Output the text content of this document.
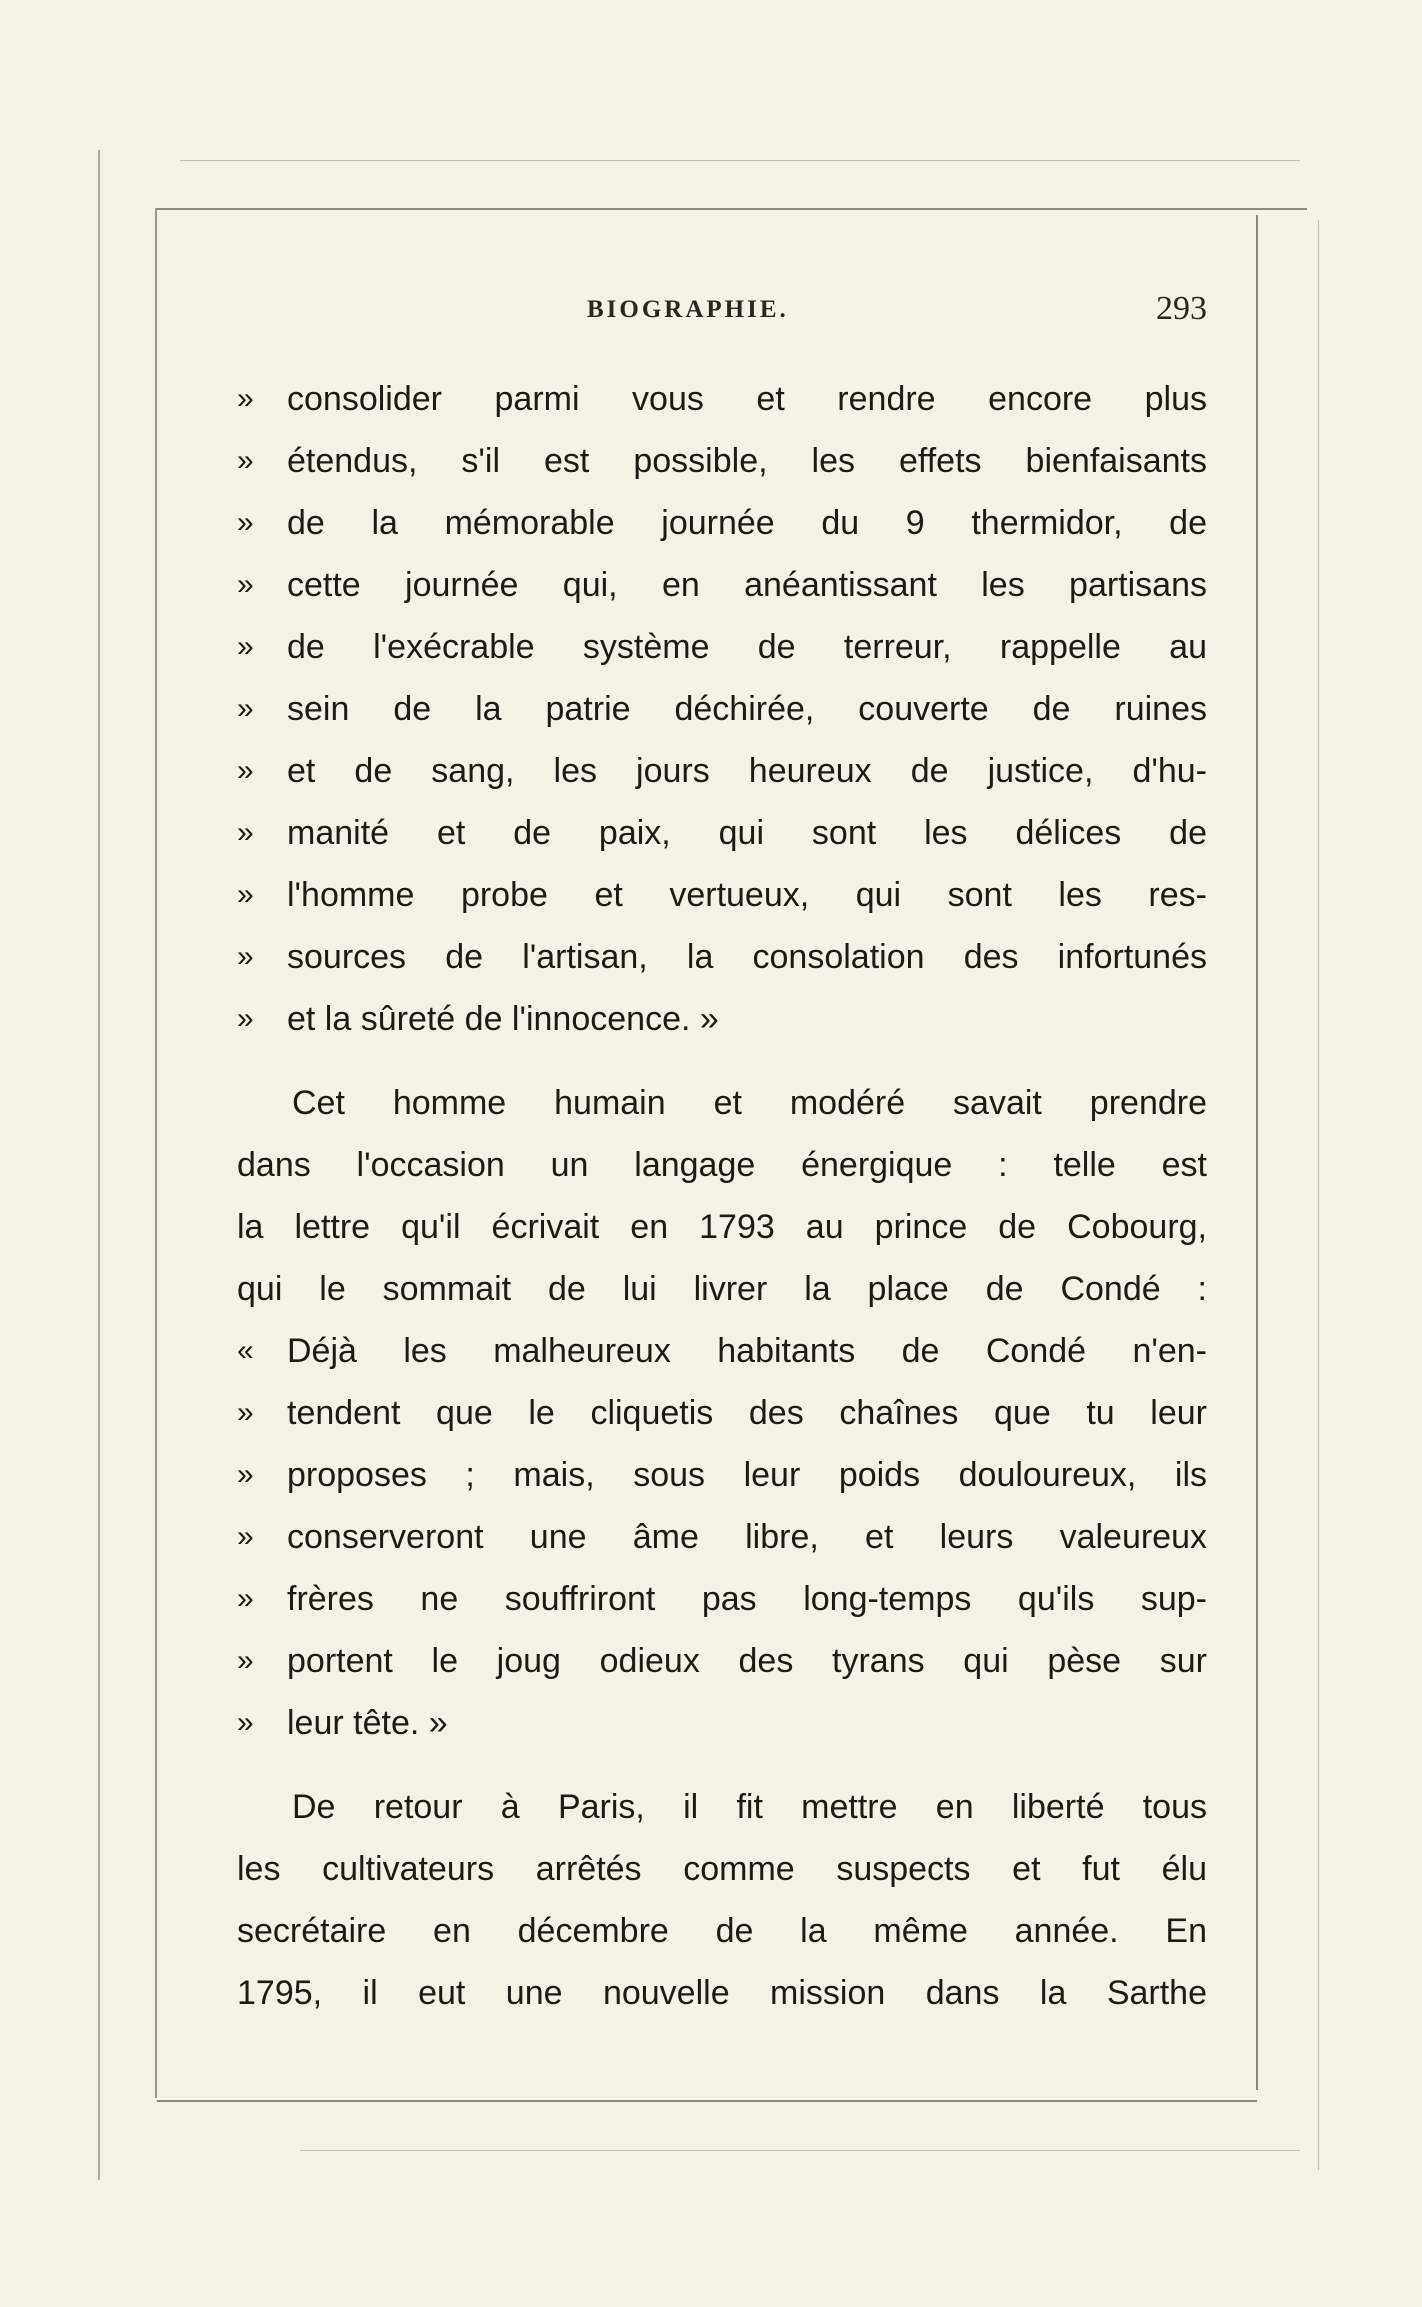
BIOGRAPHIE.	293
» consolider parmi vous et rendre encore plus
» étendus, s'il est possible, les effets bienfaisants
» de la mémorable journée du 9 thermidor, de
» cette journée qui, en anéantissant les partisans
» de l'exécrable système de terreur, rappelle au
» sein de la patrie déchirée, couverte de ruines
» et de sang, les jours heureux de justice, d'hu-
» manité et de paix, qui sont les délices de
» l'homme probe et vertueux, qui sont les res-
» sources de l'artisan, la consolation des infortunés
» et la sûreté de l'innocence. »
Cet homme humain et modéré savait prendre
dans l'occasion un langage énergique : telle est
la lettre qu'il écrivait en 1793 au prince de Cobourg,
qui le sommait de lui livrer la place de Condé :
« Déjà les malheureux habitants de Condé n'en-
» tendent que le cliquetis des chaînes que tu leur
» proposes ; mais, sous leur poids douloureux, ils
» conserveront une âme libre, et leurs valeureux
» frères ne souffriront pas long-temps qu'ils sup-
» portent le joug odieux des tyrans qui pèse sur
» leur tête. »
De retour à Paris, il fit mettre en liberté tous
les cultivateurs arrêtés comme suspects et fut élu
secrétaire en décembre de la même année. En
1795, il eut une nouvelle mission dans la Sarthe
